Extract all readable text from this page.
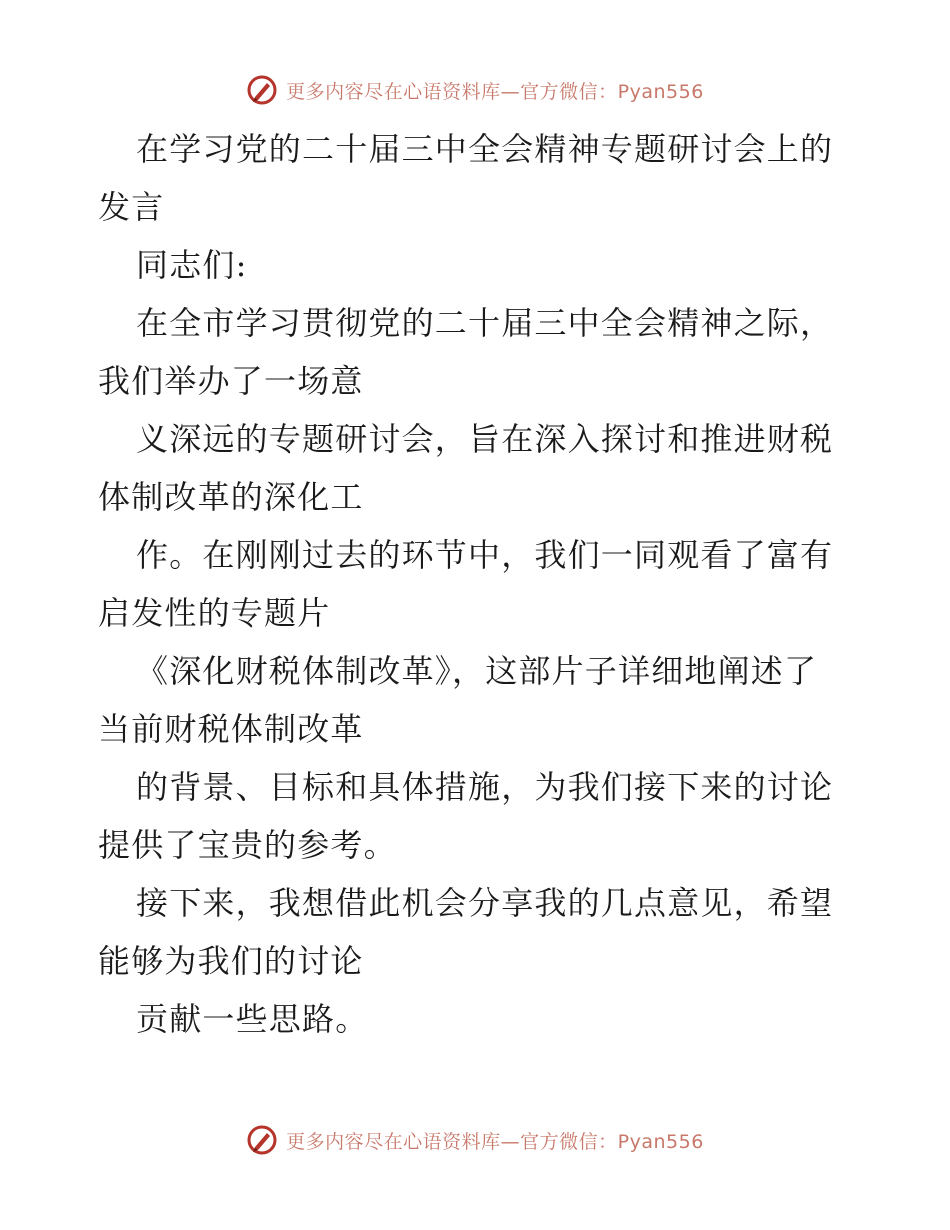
更多内容尽在心语资料库—官方微信：Pyan556
在学习党的二十届三中全会精神专题研讨会上的
发言
同志们:
在全市学习贯彻党的二十届三中全会精神之际，
我们举办了一场意
义深远的专题研讨会，旨在深入探讨和推进财税
体制改革的深化工
作。在刚刚过去的环节中，我们一同观看了富有
启发性的专题片
《深化财税体制改革》，这部片子详细地阐述了
当前财税体制改革
的背景、目标和具体措施，为我们接下来的讨论
提供了宝贵的参考。
接下来，我想借此机会分享我的几点意见，希望
能够为我们的讨论
贡献一些思路。
更多内容尽在心语资料库—官方微信：Pyan556
